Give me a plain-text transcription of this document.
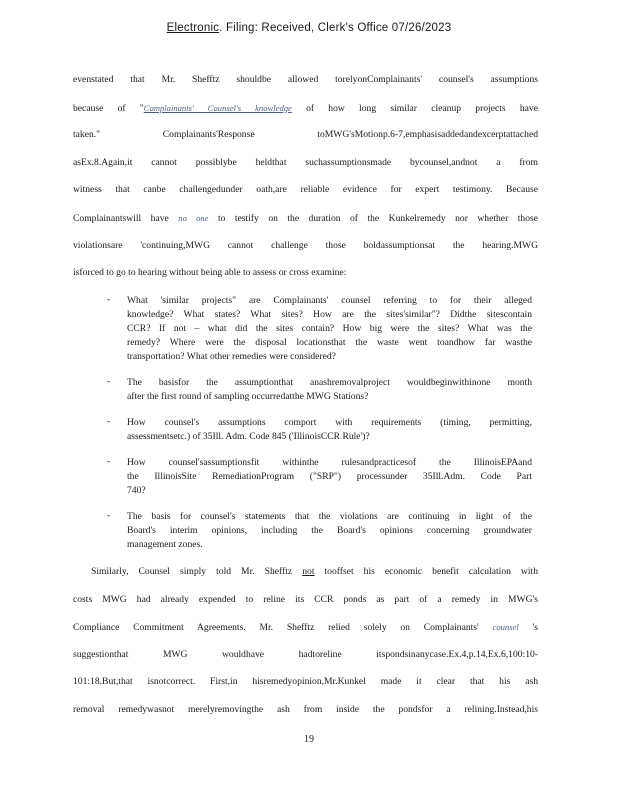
Electronic. Filing: Received, Clerk's Office 07/26/2023
evenstated that Mr. Shefftz shouldbe allowed torelyonComplainants' counsel's assumptions
because of "Complainants' Counsel's knowledge of how long similar cleanup projects have
taken." Complainants'Response toMWG'sMotionp.6-7,emphasisaddedandexcerptattached
asEx.8.Again,it cannot possiblybe heldthat suchassumptionsmade bycounsel,andnot a from
witness that canbe challengedunder oath,are reliable evidence for expert testimony. Because
Complainantswill have no one to testify on the duration of the Kunkelremedy nor whether those
violationsare 'continuing,MWG cannot challenge those boldassumptionsat the hearing.MWG
isforced to go to hearing without being able to assess or cross examine:
- What 'similar projects" are Complainants' counsel referring to for their alleged
knowledge? What states? What sites? How are the sites'similar"? Didthe sitescontain
CCR? If not – what did the sites contain? How big were the sites? What was the
remedy? Where were the disposal locationsthat the waste went toandhow far wasthe
transportation? What other remedies were considered?
- The basisfor the assumptionthat anashremovalproject wouldbeginwithinone month
after the first round of sampling occurredatthe MWG Stations?
- How counsel's assumptions comport with requirements (timing, permitting,
assessmentsetc.) of 35Ill. Adm. Code 845 ('IllinoisCCR Rule')?
- How counsel'sassumptionsfit withinthe rulesandpracticesof the IllinoisEPAand
the IllinoisSite RemediationProgram ("SRP") processunder 35Ill.Adm. Code Part
740?
- The basis for counsel's statements that the violations are continuing in light of the
Board's interim opinions, including the Board's opinions concerning groundwater
management zones.
Similarly, Counsel simply told Mr. Shefftz not tooffset his economic benefit calculation with
costs MWG had already expended to reline its CCR ponds as part of a remedy in MWG's
Compliance Commitment Agreements. Mr. Shefftz relied solely on Complainants' counsel 's
suggestionthat MWG wouldhave hadtoreline itspondsinanycase.Ex.4,p.14,Ex.6,100:10-
101:18.But,that isnotcorrect. First,in hisremedyopinion,Mr.Kunkel made it clear that his ash
removal remedywasnot merelyremovingthe ash from inside the pondsfor a relining.Instead,his
19
